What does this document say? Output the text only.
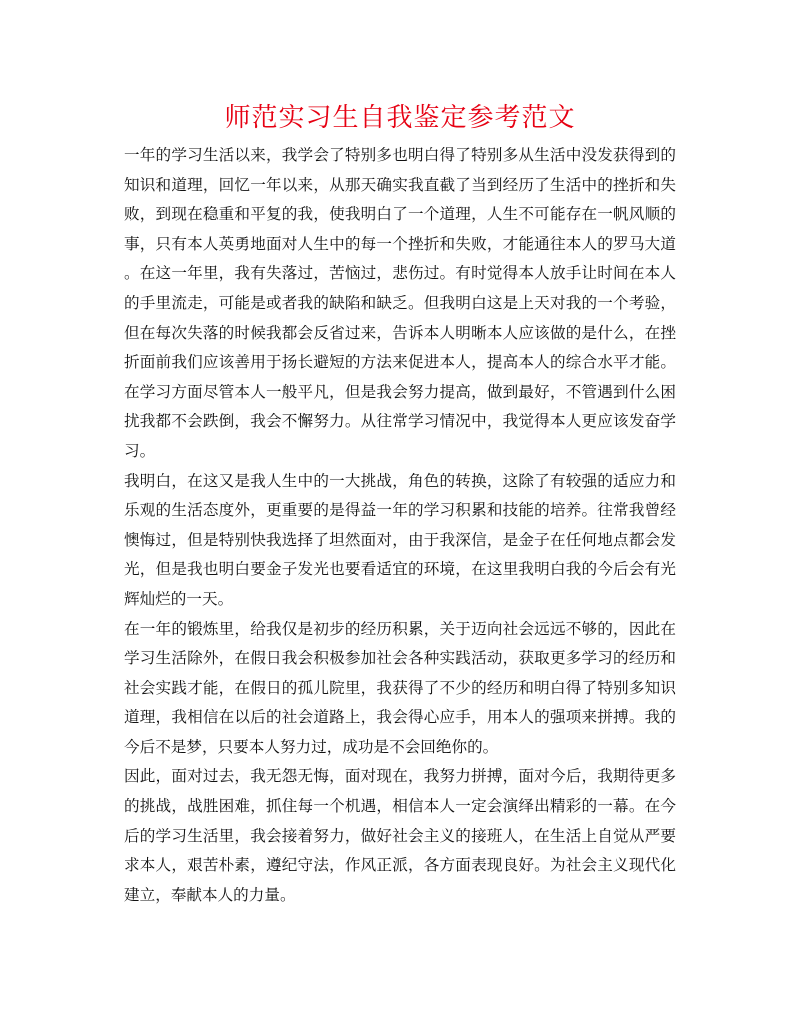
师范实习生自我鉴定参考范文

一年的学习生活以来，我学会了特别多也明白得了特别多从生活中没发获得到的知识和道理，回忆一年以来，从那天确实我直截了当到经历了生活中的挫折和失败，到现在稳重和平复的我，使我明白了一个道理，人生不可能存在一帆风顺的事，只有本人英勇地面对人生中的每一个挫折和失败，才能通往本人的罗马大道。在这一年里，我有失落过，苦恼过，悲伤过。有时觉得本人放手让时间在本人的手里流走，可能是或者我的缺陷和缺乏。但我明白这是上天对我的一个考验，但在每次失落的时候我都会反省过来，告诉本人明晰本人应该做的是什么，在挫折面前我们应该善用于扬长避短的方法来促进本人，提高本人的综合水平才能。在学习方面尽管本人一般平凡，但是我会努力提高，做到最好，不管遇到什么困扰我都不会跌倒，我会不懈努力。从往常学习情况中，我觉得本人更应该发奋学习。

我明白，在这又是我人生中的一大挑战，角色的转换，这除了有较强的适应力和乐观的生活态度外，更重要的是得益一年的学习积累和技能的培养。往常我曾经懊悔过，但是特别快我选择了坦然面对，由于我深信，是金子在任何地点都会发光，但是我也明白要金子发光也要看适宜的环境，在这里我明白我的今后会有光辉灿烂的一天。

在一年的锻炼里，给我仅是初步的经历积累，关于迈向社会远远不够的，因此在学习生活除外，在假日我会积极参加社会各种实践活动，获取更多学习的经历和社会实践才能，在假日的孤儿院里，我获得了不少的经历和明白得了特别多知识道理，我相信在以后的社会道路上，我会得心应手，用本人的强项来拼搏。我的今后不是梦，只要本人努力过，成功是不会回绝你的。

因此，面对过去，我无怨无悔，面对现在，我努力拼搏，面对今后，我期待更多的挑战，战胜困难，抓住每一个机遇，相信本人一定会演绎出精彩的一幕。在今后的学习生活里，我会接着努力，做好社会主义的接班人，在生活上自觉从严要求本人，艰苦朴素，遵纪守法，作风正派，各方面表现良好。为社会主义现代化建立，奉献本人的力量。
